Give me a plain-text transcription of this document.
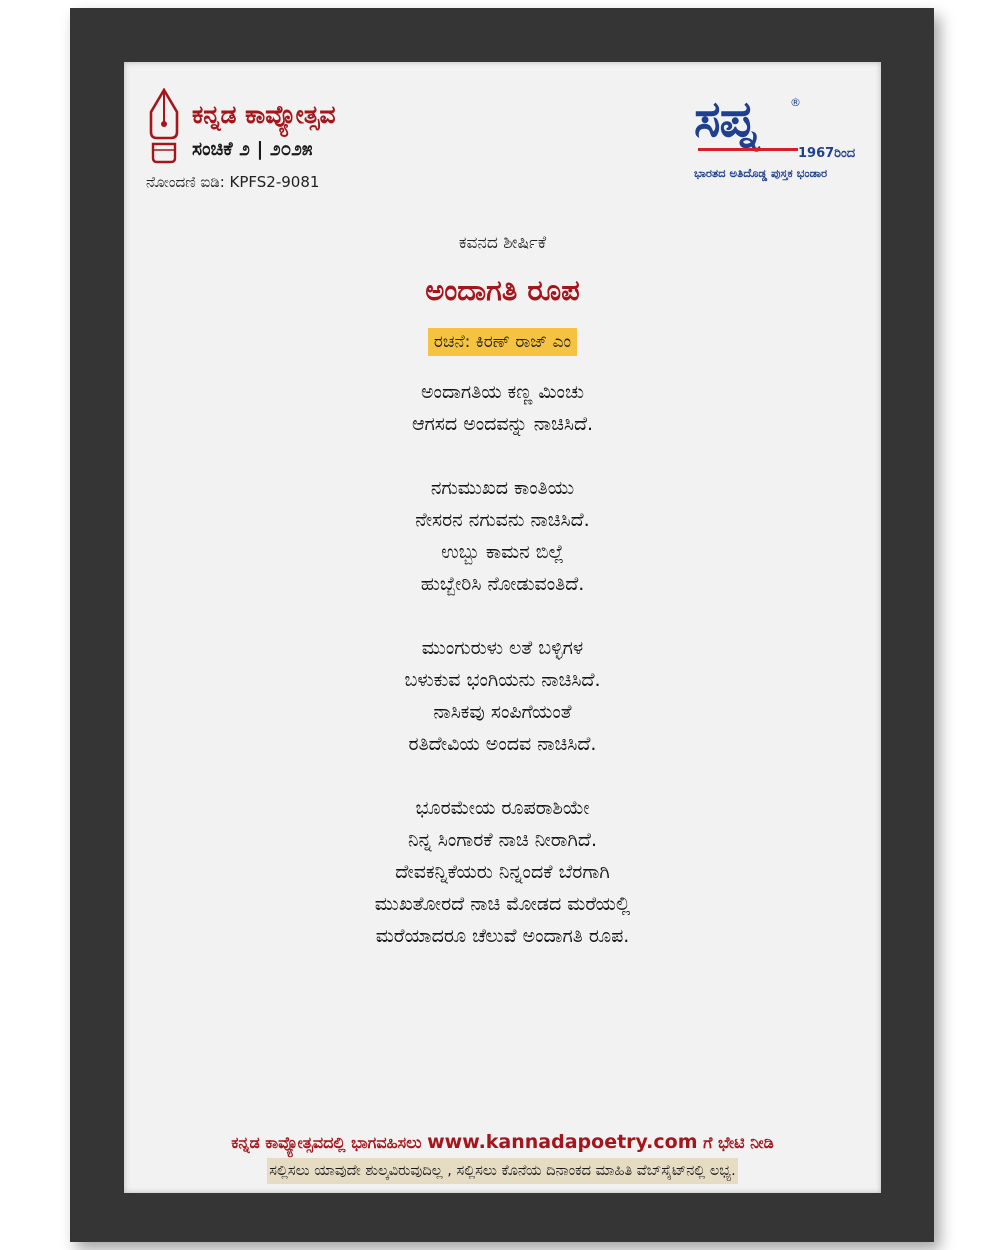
ಕನ್ನಡ ಕಾವ್ಯೋತ್ಸವ
ಸಂಚಿಕೆ ೨ | ೨೦೨೫
ನೋಂದಣಿ ಐಡಿ: KPFS2-9081
ಸಪ್ನ	®
1967ರಿಂದ
ಭಾರತದ ಅತಿದೊಡ್ಡ ಪುಸ್ತಕ ಭಂಡಾರ
ಕವನದ ಶೀರ್ಷಿಕೆ
ಅಂದಾಗತಿ ರೂಪ
ರಚನೆ: ಕಿರಣ್ ರಾಜ್ ಎಂ
ಅಂದಾಗತಿಯ ಕಣ್ಣ ಮಿಂಚು
ಆಗಸದ ಅಂದವನ್ನು ನಾಚಿಸಿದೆ.
ನಗುಮುಖದ ಕಾಂತಿಯು
ನೇಸರನ ನಗುವನು ನಾಚಿಸಿದೆ.
ಉಬ್ಬು ಕಾಮನ ಬಿಲ್ಲೆ
ಹುಬ್ಬೇರಿಸಿ ನೋಡುವಂತಿದೆ.
ಮುಂಗುರುಳು ಲತೆ ಬಳ್ಳಿಗಳ
ಬಳುಕುವ ಭಂಗಿಯನು ನಾಚಿಸಿದೆ.
ನಾಸಿಕವು ಸಂಪಿಗೆಯಂತೆ
ರತಿದೇವಿಯ ಅಂದವ ನಾಚಿಸಿದೆ.
ಭೂರಮೇಯ ರೂಪರಾಶಿಯೇ
ನಿನ್ನ ಸಿಂಗಾರಕೆ ನಾಚಿ ನೀರಾಗಿದೆ.
ದೇವಕನ್ನಿಕೆಯರು ನಿನ್ನಂದಕೆ ಬೆರಗಾಗಿ
ಮುಖತೋರದೆ ನಾಚಿ ಮೋಡದ ಮರೆಯಲ್ಲಿ
ಮರೆಯಾದರೂ ಚೆಲುವೆ ಅಂದಾಗತಿ ರೂಪ.
ಕನ್ನಡ ಕಾವ್ಯೋತ್ಸವದಲ್ಲಿ ಭಾಗವಹಿಸಲು www.kannadapoetry.com ಗೆ ಭೇಟಿ ನೀಡಿ
ಸಲ್ಲಿಸಲು ಯಾವುದೇ ಶುಲ್ಕವಿರುವುದಿಲ್ಲ , ಸಲ್ಲಿಸಲು ಕೊನೆಯ ದಿನಾಂಕದ ಮಾಹಿತಿ ವೆಬ್‌ಸೈಟ್‌ನಲ್ಲಿ ಲಭ್ಯ.
